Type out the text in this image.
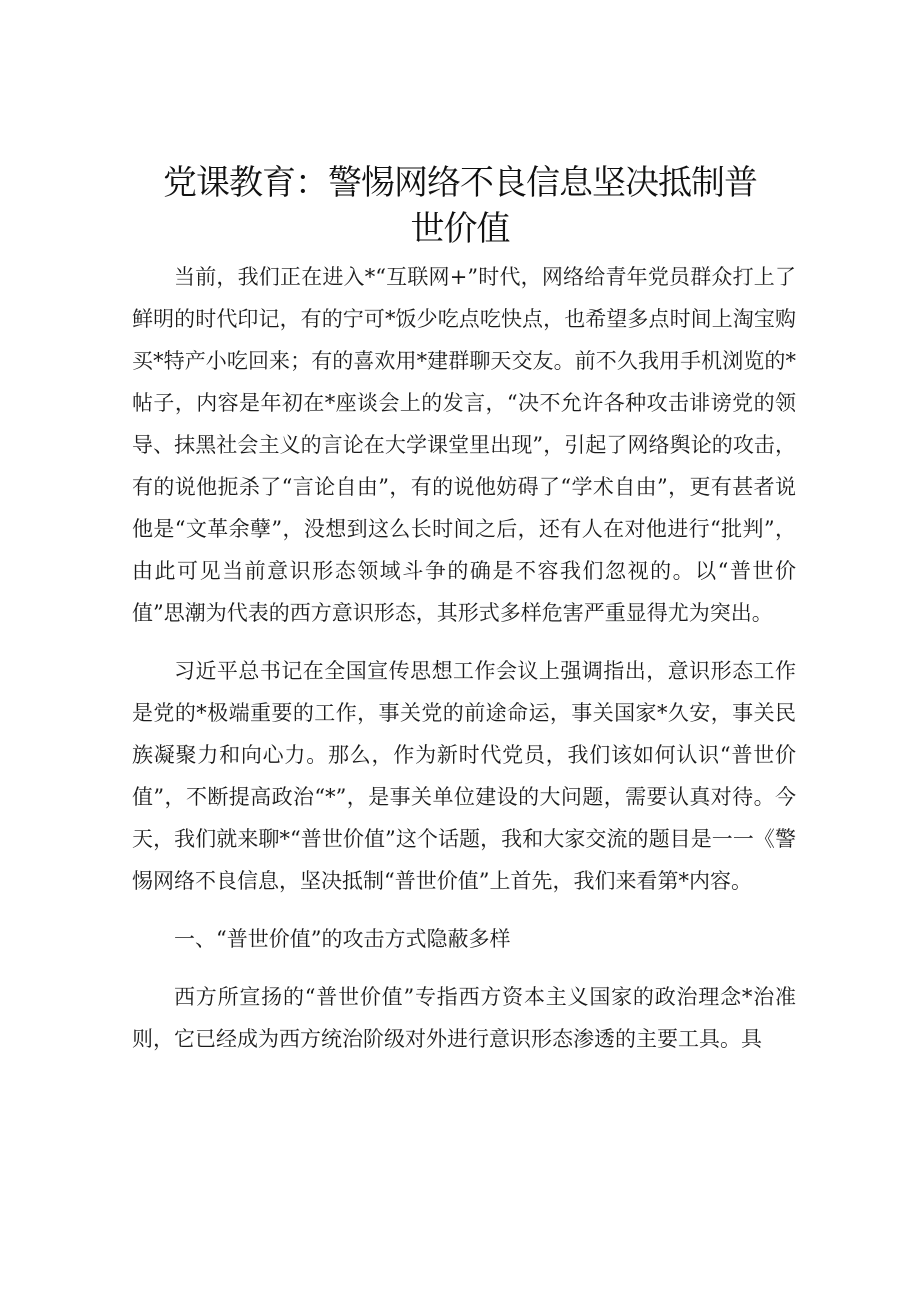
党课教育：警惕网络不良信息坚决抵制普世价值

当前，我们正在进入*“互联网+”时代，网络给青年党员群众打上了鲜明的时代印记，有的宁可*饭少吃点吃快点，也希望多点时间上淘宝购买*特产小吃回来；有的喜欢用*建群聊天交友。前不久我用手机浏览的*帖子，内容是年初在*座谈会上的发言，“决不允许各种攻击诽谤党的领导、抹黑社会主义的言论在大学课堂里出现”，引起了网络舆论的攻击，有的说他扼杀了“言论自由”，有的说他妨碍了“学术自由”，更有甚者说他是“文革余孽”，没想到这么长时间之后，还有人在对他进行“批判”，由此可见当前意识形态领域斗争的确是不容我们忽视的。以“普世价值”思潮为代表的西方意识形态，其形式多样危害严重显得尤为突出。

习近平总书记在全国宣传思想工作会议上强调指出，意识形态工作是党的*极端重要的工作，事关党的前途命运，事关国家*久安，事关民族凝聚力和向心力。那么，作为新时代党员，我们该如何认识“普世价值”，不断提高政治“*”，是事关单位建设的大问题，需要认真对待。今天，我们就来聊*“普世价值”这个话题，我和大家交流的题目是一一《警惕网络不良信息，坚决抵制“普世价值”上首先，我们来看第*内容。

一、“普世价值”的攻击方式隐蔽多样

西方所宣扬的“普世价值”专指西方资本主义国家的政治理念*治准则，它已经成为西方统治阶级对外进行意识形态渗透的主要工具。具
